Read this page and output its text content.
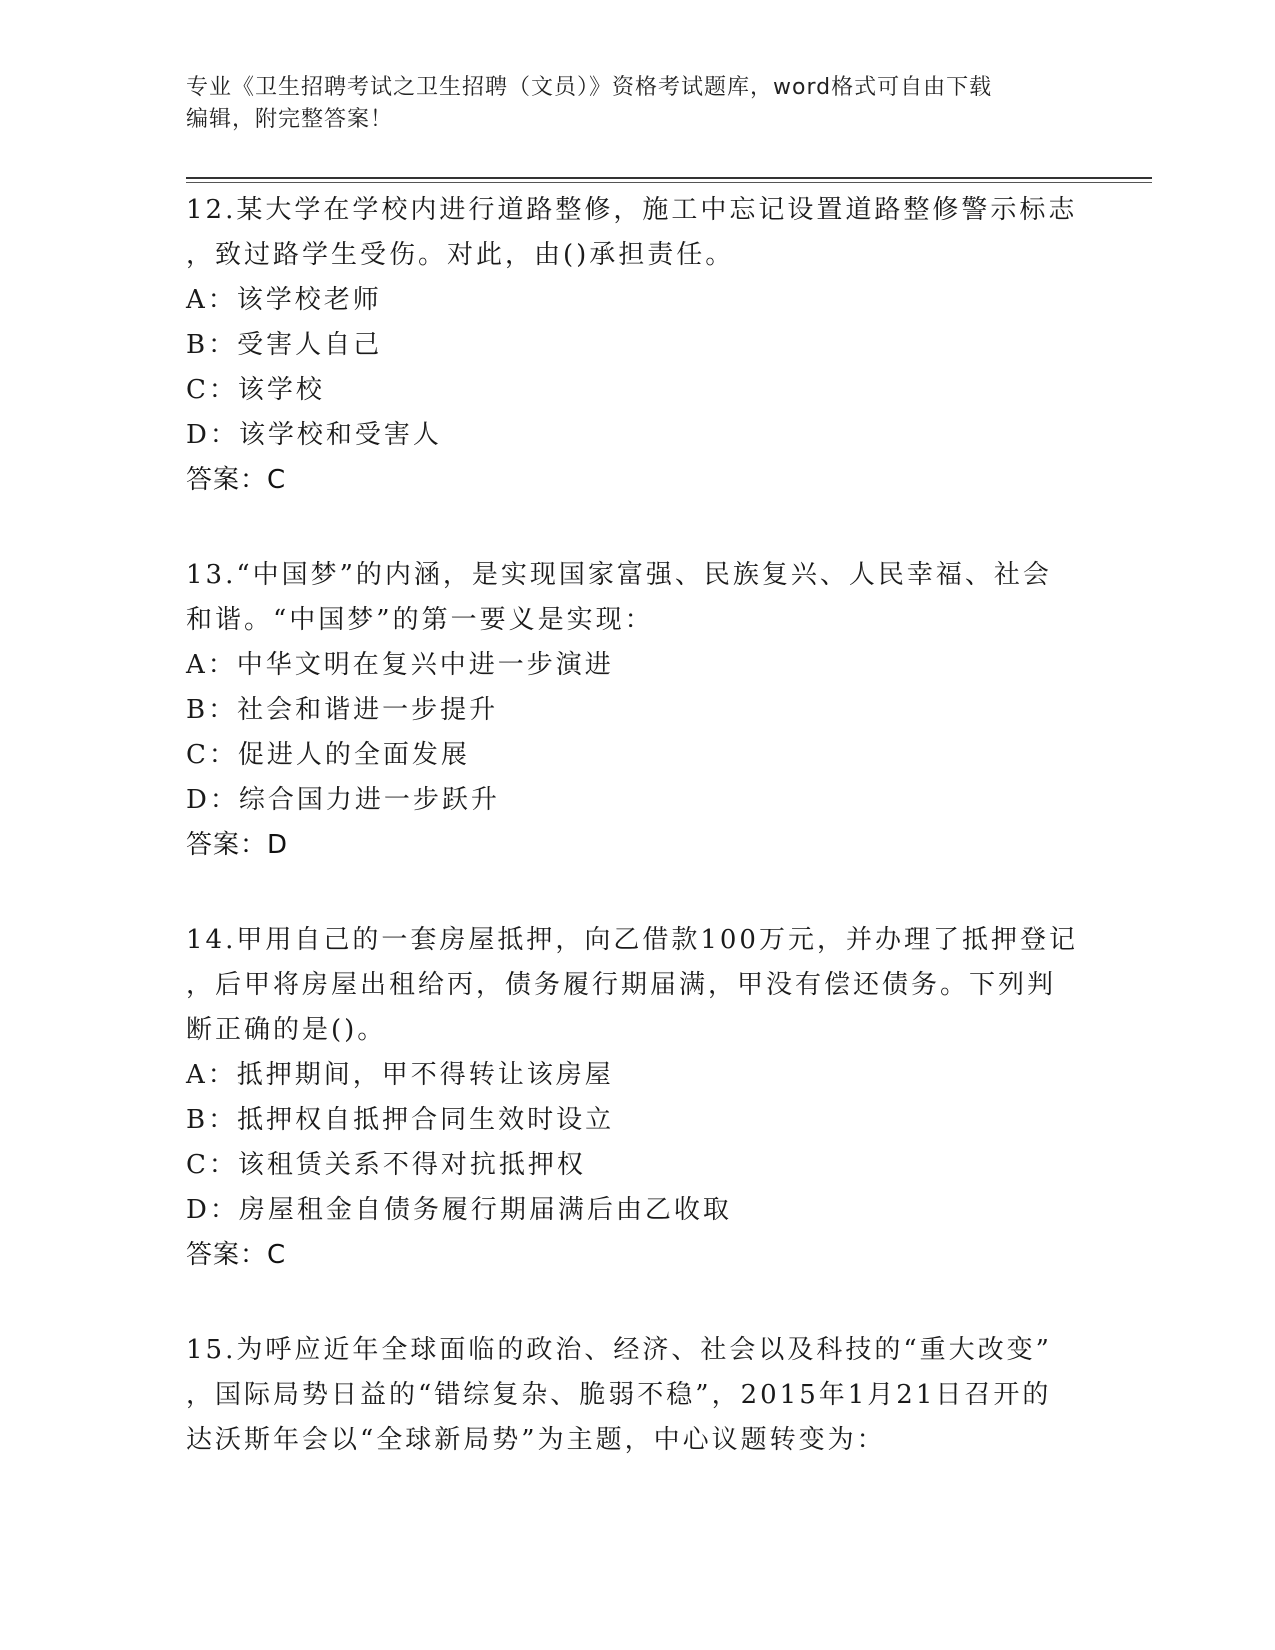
专业《卫生招聘考试之卫生招聘（文员）》资格考试题库，word格式可自由下载
编辑，附完整答案！

12.某大学在学校内进行道路整修，施工中忘记设置道路整修警示标志

，致过路学生受伤。对此，由()承担责任。

A：该学校老师

B：受害人自己

C：该学校

D：该学校和受害人

答案：C

13.“中国梦”的内涵，是实现国家富强、民族复兴、人民幸福、社会

和谐。“中国梦”的第一要义是实现：

A：中华文明在复兴中进一步演进

B：社会和谐进一步提升

C：促进人的全面发展

D：综合国力进一步跃升

答案：D

14.甲用自己的一套房屋抵押，向乙借款100万元，并办理了抵押登记

，后甲将房屋出租给丙，债务履行期届满，甲没有偿还债务。下列判

断正确的是()。

A：抵押期间，甲不得转让该房屋

B：抵押权自抵押合同生效时设立

C：该租赁关系不得对抗抵押权

D：房屋租金自债务履行期届满后由乙收取

答案：C

15.为呼应近年全球面临的政治、经济、社会以及科技的“重大改变”

，国际局势日益的“错综复杂、脆弱不稳”，2015年1月21日召开的

达沃斯年会以“全球新局势”为主题，中心议题转变为：
